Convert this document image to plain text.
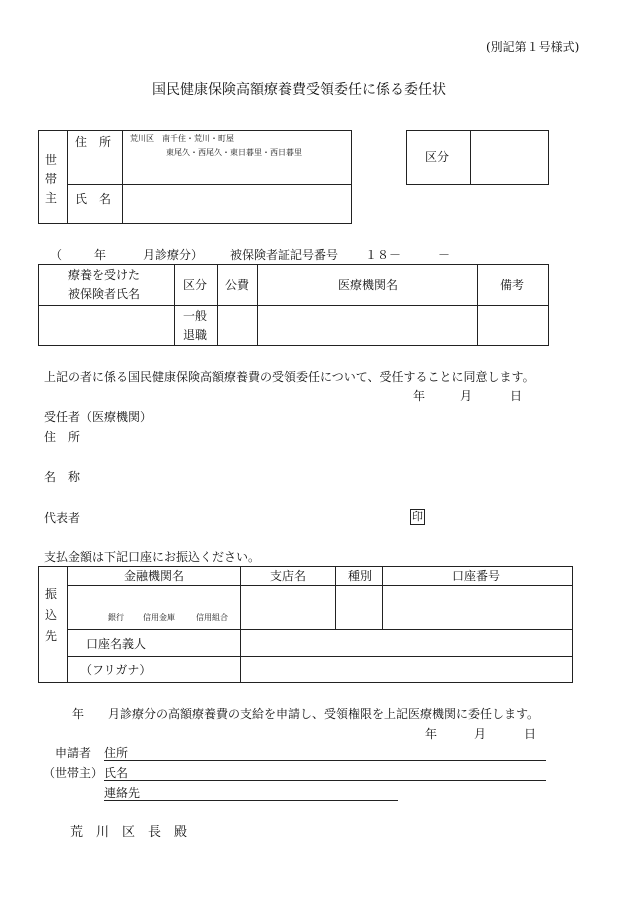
(別記第１号様式)
国民健康保険高額療養費受領委任に係る委任状
世
帯
主
住　所 荒川区　南千住・荒川・町屋
東尾久・西尾久・東日暮里・西日暮里
氏　名
区分
（	年	月診療分） 被保険者証記号番号 １８－	－
療養を受けた
被保険者氏名
区分 公費	医療機関名	備考
一般
退職
上記の者に係る国民健康保険高額療養費の受領委任について、受任することに同意します。
年	月	日
受任者（医療機関）
住　所
名　称
代表者	印
支払金額は下記口座にお振込ください。
振
込
先
金融機関名	支店名	種別	口座番号
銀行 信用金庫	信用組合
口座名義人
（フリガナ）
年 月診療分の高額療養費の支給を申請し、受領権限を上記医療機関に委任します。
年	月	日
申請者 住所
（世帯主） 氏名
連絡先
荒　川　区　長　殿
